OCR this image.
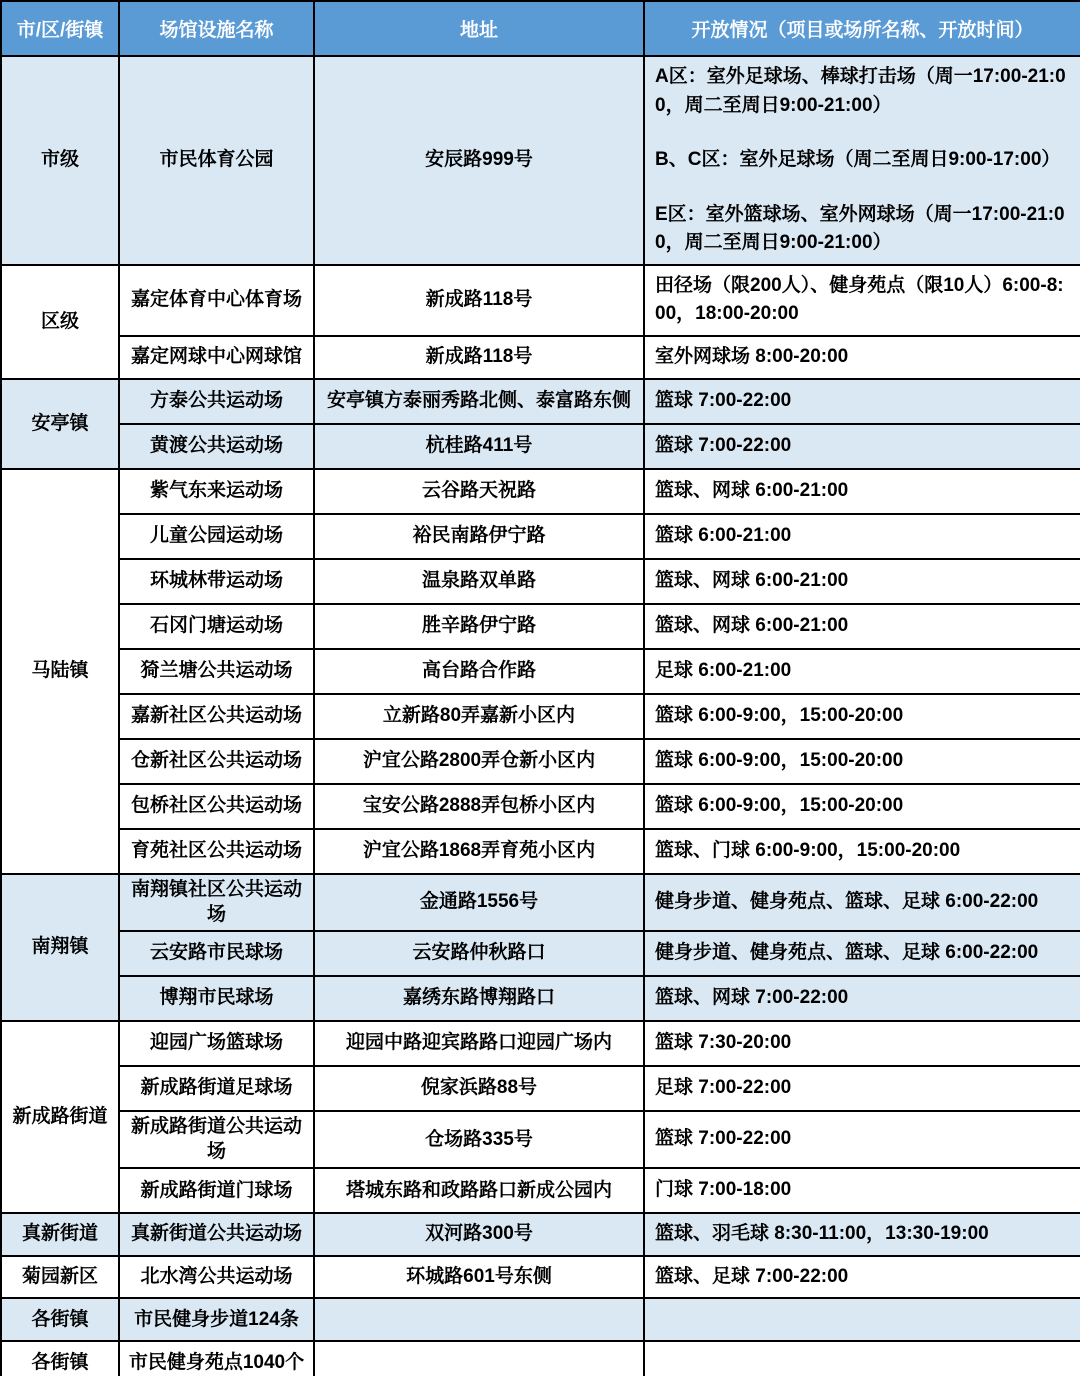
市/区/街镇	场馆设施名称	地址	开放情况（项目或场所名称、开放时间）
市级	市民体育公园	安辰路999号	A区：室外足球场、棒球打击场（周一17:00-21:00，周二至周日9:00-21:00）
B、C区：室外足球场（周二至周日9:00-17:00）
E区：室外篮球场、室外网球场（周一17:00-21:00，周二至周日9:00-21:00）

区级	嘉定体育中心体育场	新成路118号	田径场（限200人）、健身苑点（限10人）6:00-8:00，18:00-20:00

	嘉定网球中心网球馆	新成路118号	室外网球场 8:00-20:00

安亭镇	方泰公共运动场	安亭镇方泰丽秀路北侧、泰富路东侧	篮球 7:00-22:00

	黄渡公共运动场	杭桂路411号	篮球 7:00-22:00

马陆镇	紫气东来运动场	云谷路天祝路	篮球、网球 6:00-21:00

	儿童公园运动场	裕民南路伊宁路	篮球 6:00-21:00

	环城林带运动场	温泉路双单路	篮球、网球 6:00-21:00

	石冈门塘运动场	胜辛路伊宁路	篮球、网球 6:00-21:00

	猗兰塘公共运动场	高台路合作路	足球 6:00-21:00

	嘉新社区公共运动场	立新路80弄嘉新小区内	篮球 6:00-9:00，15:00-20:00

	仓新社区公共运动场	沪宜公路2800弄仓新小区内	篮球 6:00-9:00，15:00-20:00

	包桥社区公共运动场	宝安公路2888弄包桥小区内	篮球 6:00-9:00，15:00-20:00

	育苑社区公共运动场	沪宜公路1868弄育苑小区内	篮球、门球 6:00-9:00，15:00-20:00

南翔镇	南翔镇社区公共运动场	金通路1556号	健身步道、健身苑点、篮球、足球 6:00-22:00

	云安路市民球场	云安路仲秋路口	健身步道、健身苑点、篮球、足球 6:00-22:00

	博翔市民球场	嘉绣东路博翔路口	篮球、网球 7:00-22:00

新成路街道	迎园广场篮球场	迎园中路迎宾路路口迎园广场内	篮球 7:30-20:00

	新成路街道足球场	倪家浜路88号	足球 7:00-22:00

	新成路街道公共运动场	仓场路335号	篮球 7:00-22:00

	新成路街道门球场	塔城东路和政路路口新成公园内	门球 7:00-18:00

真新街道	真新街道公共运动场	双河路300号	篮球、羽毛球 8:30-11:00，13:30-19:00

菊园新区	北水湾公共运动场	环城路601号东侧	篮球、足球 7:00-22:00

各街镇	市民健身步道124条		
各街镇	市民健身苑点1040个		
